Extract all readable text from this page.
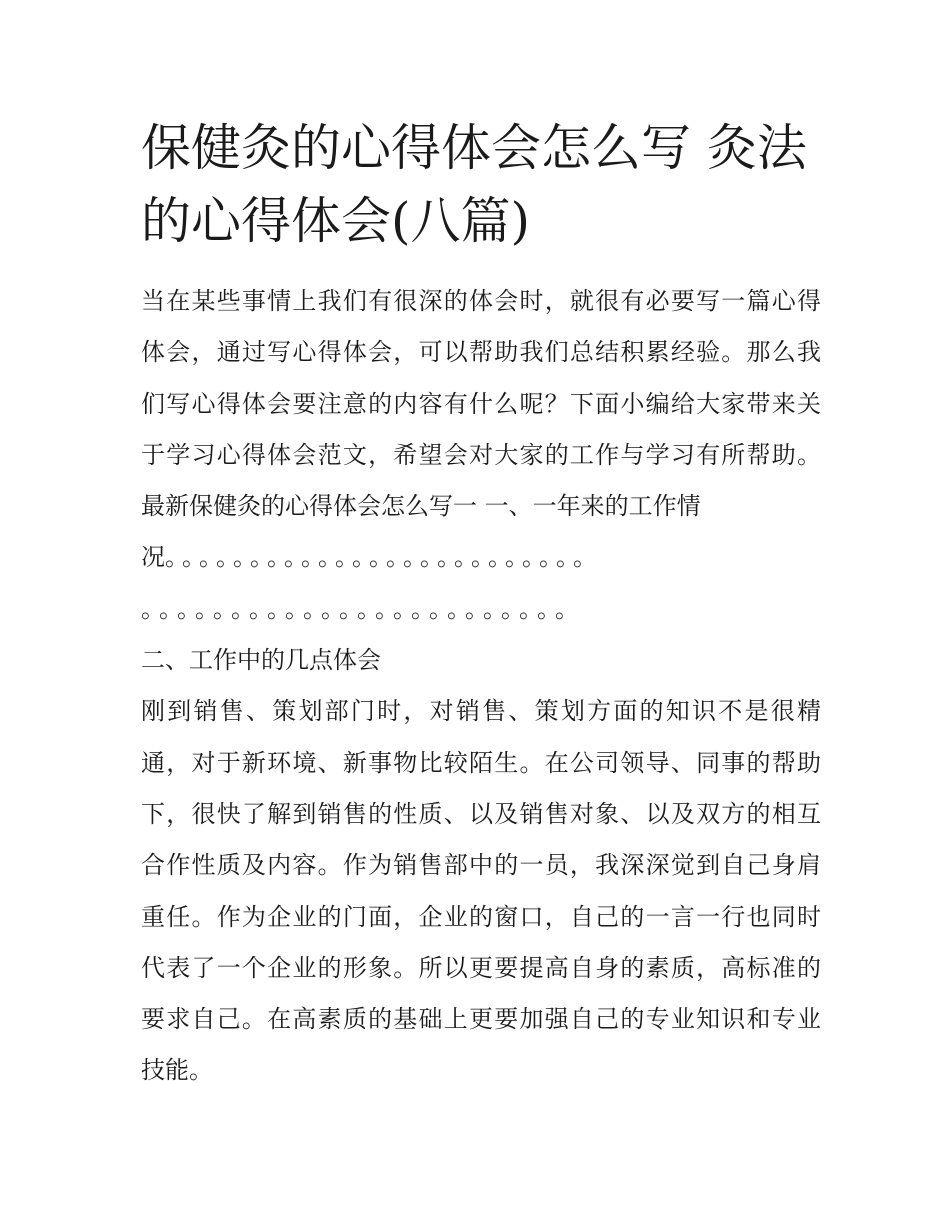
保健灸的心得体会怎么写 灸法
的心得体会(八篇)
当在某些事情上我们有很深的体会时，就很有必要写一篇心得
体会，通过写心得体会，可以帮助我们总结积累经验。那么我
们写心得体会要注意的内容有什么呢？下面小编给大家带来关
于学习心得体会范文，希望会对大家的工作与学习有所帮助。
最新保健灸的心得体会怎么写一 一、一年来的工作情
况。。。。。。。。。。。。。。。。。。。。。。。。。
。。。。。。。。。。。。。。。。。。。。。。。。
二、工作中的几点体会
刚到销售、策划部门时，对销售、策划方面的知识不是很精
通，对于新环境、新事物比较陌生。在公司领导、同事的帮助
下，很快了解到销售的性质、以及销售对象、以及双方的相互
合作性质及内容。作为销售部中的一员，我深深觉到自己身肩
重任。作为企业的门面，企业的窗口，自己的一言一行也同时
代表了一个企业的形象。所以更要提高自身的素质，高标准的
要求自己。在高素质的基础上更要加强自己的专业知识和专业
技能。
